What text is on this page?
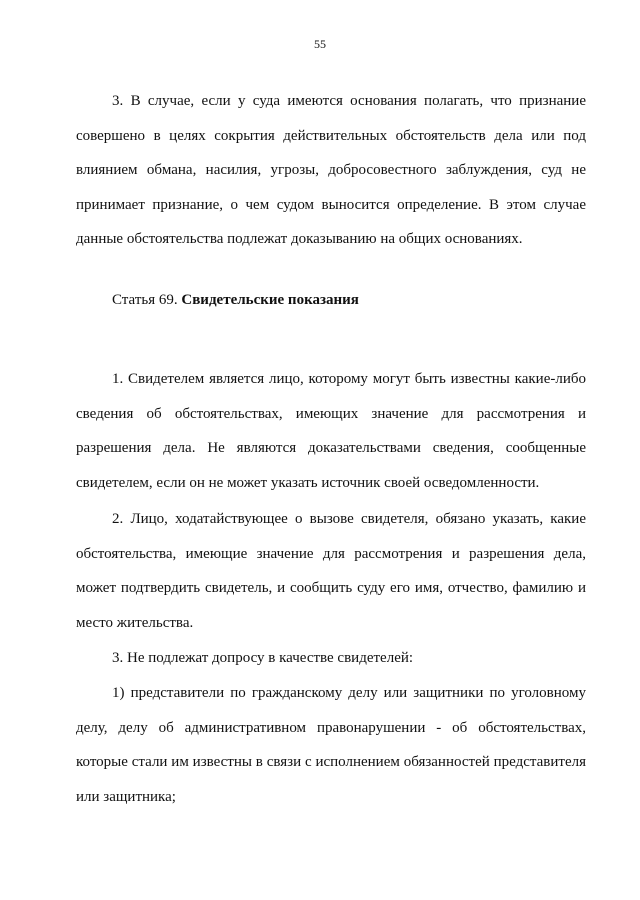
55

3. В случае, если у суда имеются основания полагать, что признание совершено в целях сокрытия действительных обстоятельств дела или под влиянием обмана, насилия, угрозы, добросовестного заблуждения, суд не принимает признание, о чем судом выносится определение. В этом случае данные обстоятельства подлежат доказыванию на общих основаниях.

Статья 69. Свидетельские показания

1. Свидетелем является лицо, которому могут быть известны какие-либо сведения об обстоятельствах, имеющих значение для рассмотрения и разрешения дела. Не являются доказательствами сведения, сообщенные свидетелем, если он не может указать источник своей осведомленности.

2. Лицо, ходатайствующее о вызове свидетеля, обязано указать, какие обстоятельства, имеющие значение для рассмотрения и разрешения дела, может подтвердить свидетель, и сообщить суду его имя, отчество, фамилию и место жительства.

3. Не подлежат допросу в качестве свидетелей:

1) представители по гражданскому делу или защитники по уголовному делу, делу об административном правонарушении - об обстоятельствах, которые стали им известны в связи с исполнением обязанностей представителя или защитника;
